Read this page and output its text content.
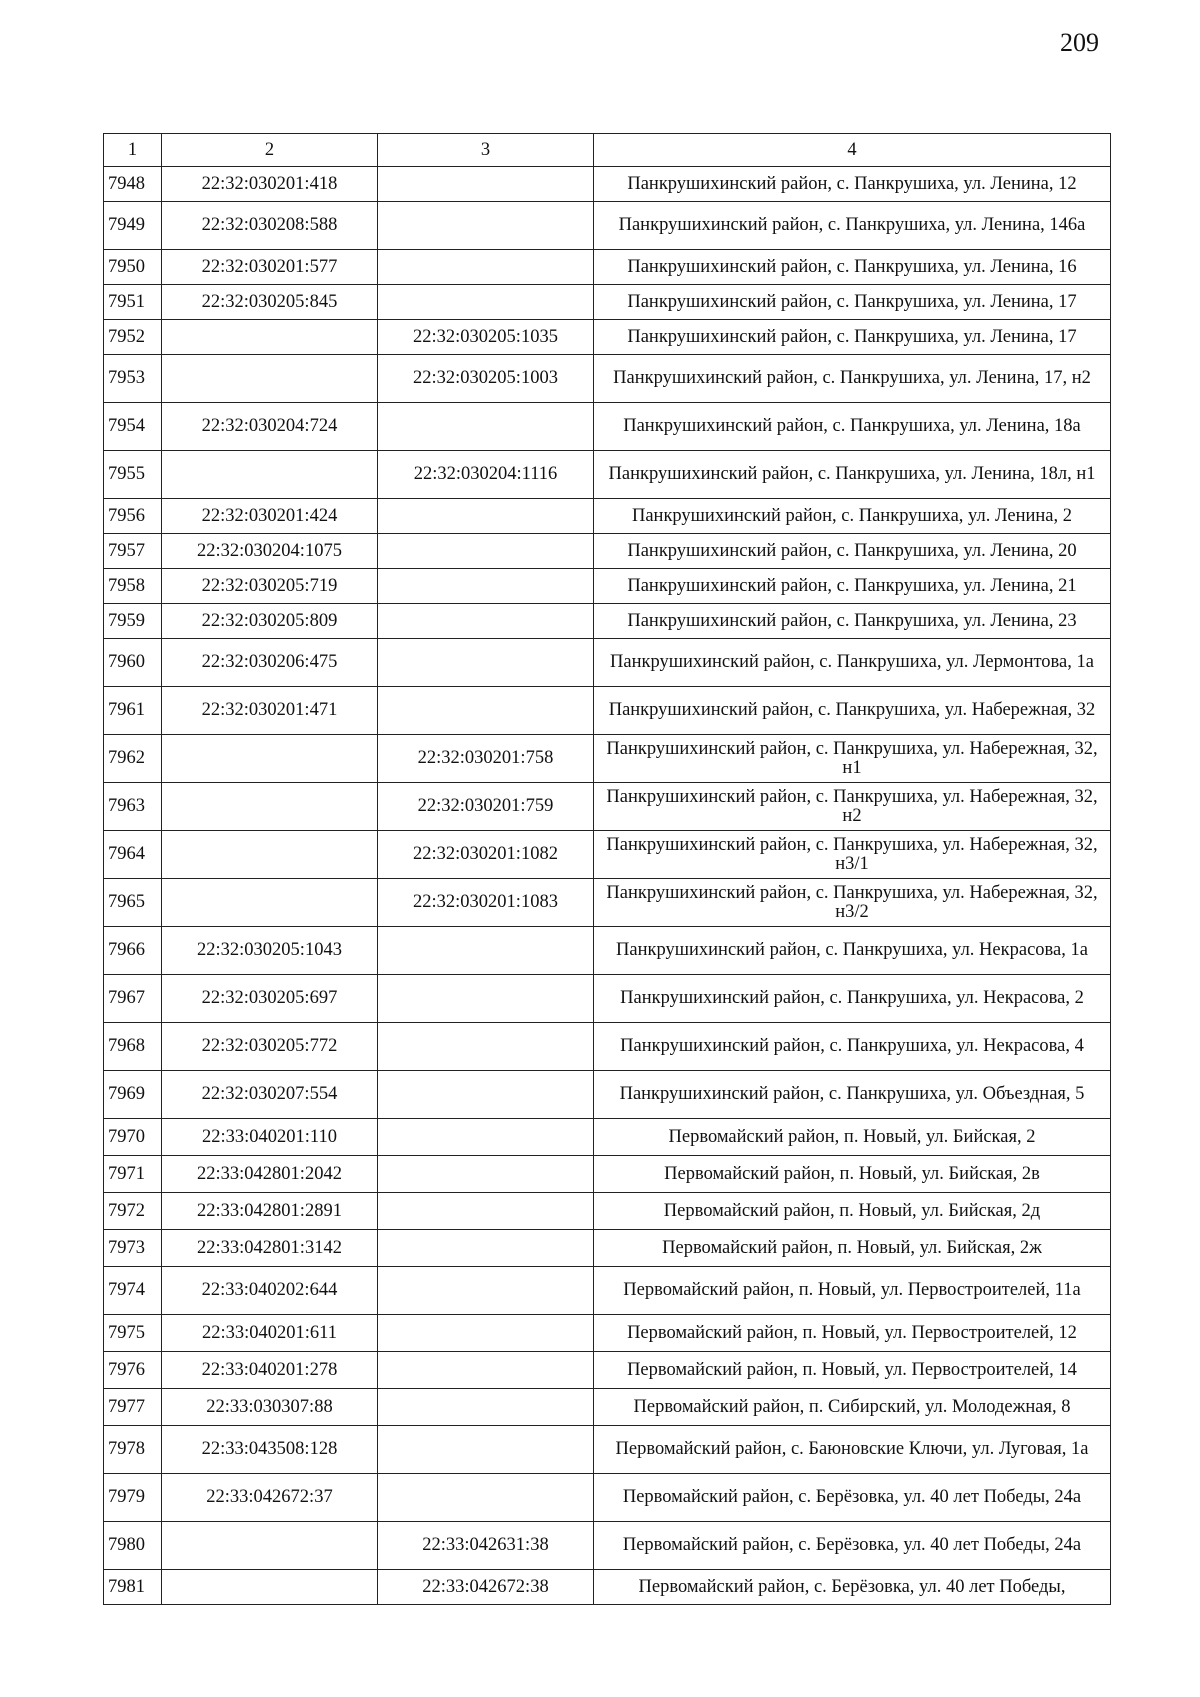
209
1	2	3	4
7948	22:32:030201:418		Панкрушихинский район, с. Панкрушиха, ул. Ленина, 12
7949	22:32:030208:588		Панкрушихинский район, с. Панкрушиха, ул. Ленина, 146а
7950	22:32:030201:577		Панкрушихинский район, с. Панкрушиха, ул. Ленина, 16
7951	22:32:030205:845		Панкрушихинский район, с. Панкрушиха, ул. Ленина, 17
7952		22:32:030205:1035	Панкрушихинский район, с. Панкрушиха, ул. Ленина, 17
7953		22:32:030205:1003	Панкрушихинский район, с. Панкрушиха, ул. Ленина, 17, н2
7954	22:32:030204:724		Панкрушихинский район, с. Панкрушиха, ул. Ленина, 18а
7955		22:32:030204:1116	Панкрушихинский район, с. Панкрушиха, ул. Ленина, 18л, н1
7956	22:32:030201:424		Панкрушихинский район, с. Панкрушиха, ул. Ленина, 2
7957	22:32:030204:1075		Панкрушихинский район, с. Панкрушиха, ул. Ленина, 20
7958	22:32:030205:719		Панкрушихинский район, с. Панкрушиха, ул. Ленина, 21
7959	22:32:030205:809		Панкрушихинский район, с. Панкрушиха, ул. Ленина, 23
7960	22:32:030206:475		Панкрушихинский район, с. Панкрушиха, ул. Лермонтова, 1а
7961	22:32:030201:471		Панкрушихинский район, с. Панкрушиха, ул. Набережная, 32
7962		22:32:030201:758	Панкрушихинский район, с. Панкрушиха, ул. Набережная, 32, н1
7963		22:32:030201:759	Панкрушихинский район, с. Панкрушиха, ул. Набережная, 32, н2
7964		22:32:030201:1082	Панкрушихинский район, с. Панкрушиха, ул. Набережная, 32, н3/1
7965		22:32:030201:1083	Панкрушихинский район, с. Панкрушиха, ул. Набережная, 32, н3/2
7966	22:32:030205:1043		Панкрушихинский район, с. Панкрушиха, ул. Некрасова, 1а
7967	22:32:030205:697		Панкрушихинский район, с. Панкрушиха, ул. Некрасова, 2
7968	22:32:030205:772		Панкрушихинский район, с. Панкрушиха, ул. Некрасова, 4
7969	22:32:030207:554		Панкрушихинский район, с. Панкрушиха, ул. Объездная, 5
7970	22:33:040201:110		Первомайский район, п. Новый, ул. Бийская, 2
7971	22:33:042801:2042		Первомайский район, п. Новый, ул. Бийская, 2в
7972	22:33:042801:2891		Первомайский район, п. Новый, ул. Бийская, 2д
7973	22:33:042801:3142		Первомайский район, п. Новый, ул. Бийская, 2ж
7974	22:33:040202:644		Первомайский район, п. Новый, ул. Первостроителей, 11а
7975	22:33:040201:611		Первомайский район, п. Новый, ул. Первостроителей, 12
7976	22:33:040201:278		Первомайский район, п. Новый, ул. Первостроителей, 14
7977	22:33:030307:88		Первомайский район, п. Сибирский, ул. Молодежная, 8
7978	22:33:043508:128		Первомайский район, с. Баюновские Ключи, ул. Луговая, 1а
7979	22:33:042672:37		Первомайский район, с. Берёзовка, ул. 40 лет Победы, 24а
7980		22:33:042631:38	Первомайский район, с. Берёзовка, ул. 40 лет Победы, 24а
7981		22:33:042672:38	Первомайский район, с. Берёзовка, ул. 40 лет Победы,
